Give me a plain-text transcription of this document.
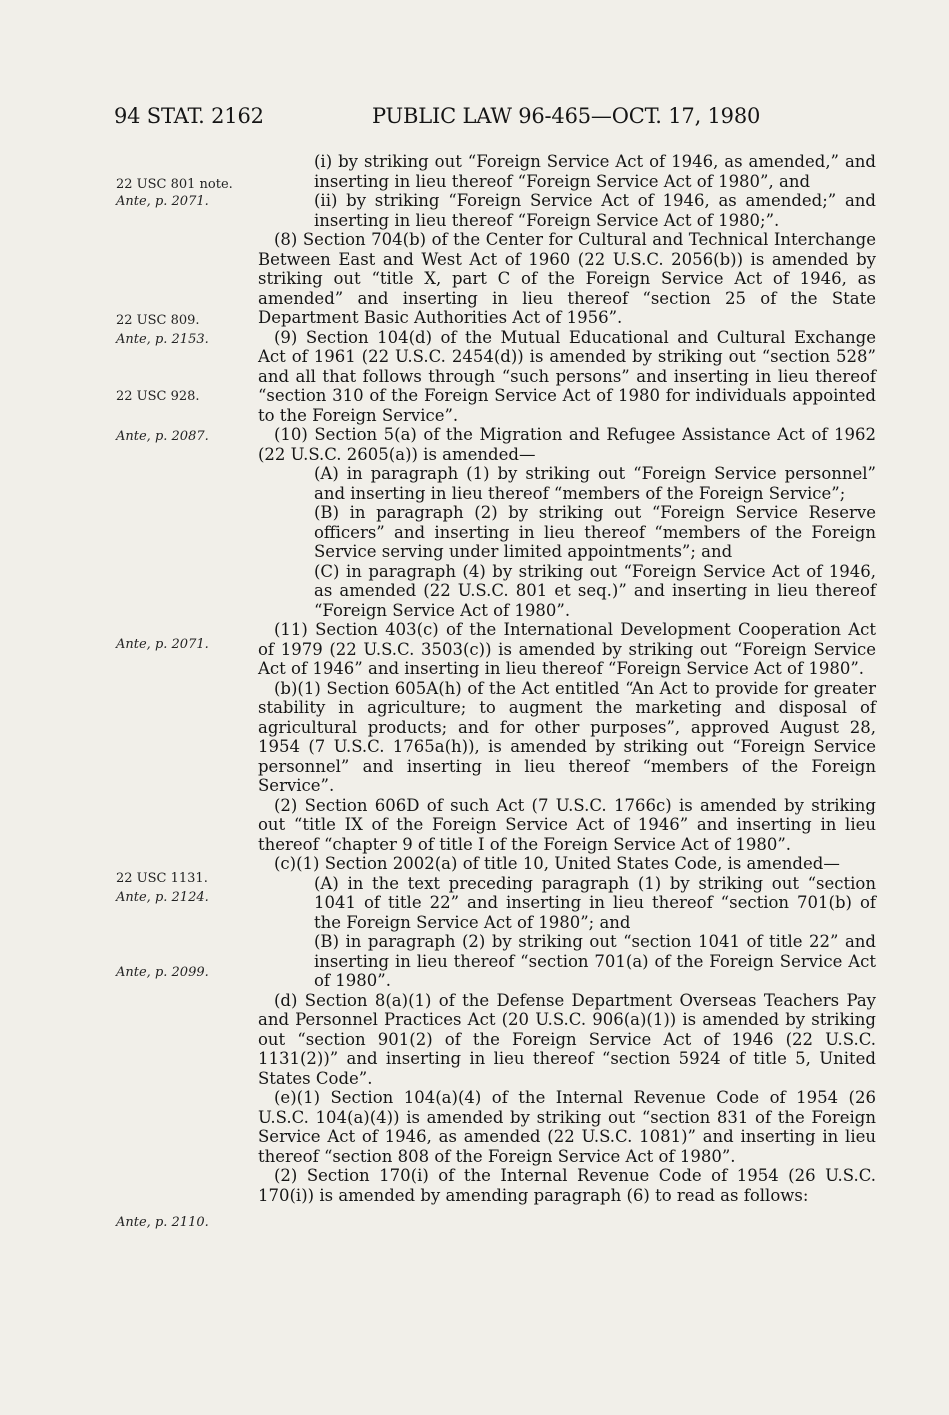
94 STAT. 2162	PUBLIC LAW 96-465—OCT. 17, 1980
22 USC 801 note.
Ante, p. 2071.
22 USC 809.
Ante, p. 2153.
22 USC 928.
Ante, p. 2087.
Ante, p. 2071.
22 USC 1131.
Ante, p. 2124.
Ante, p. 2099.
Ante, p. 2110.

(i) by striking out “Foreign Service Act of 1946, as amended,” and inserting in lieu thereof “Foreign Service Act of 1980”, and

(ii) by striking “Foreign Service Act of 1946, as amended;” and inserting in lieu thereof “Foreign Service Act of 1980;”.

(8) Section 704(b) of the Center for Cultural and Technical Interchange Between East and West Act of 1960 (22 U.S.C. 2056(b)) is amended by striking out “title X, part C of the Foreign Service Act of 1946, as amended” and inserting in lieu thereof “section 25 of the State Department Basic Authorities Act of 1956”.

(9) Section 104(d) of the Mutual Educational and Cultural Exchange Act of 1961 (22 U.S.C. 2454(d)) is amended by striking out “section 528” and all that follows through “such persons” and inserting in lieu thereof “section 310 of the Foreign Service Act of 1980 for individuals appointed to the Foreign Service”.

(10) Section 5(a) of the Migration and Refugee Assistance Act of 1962 (22 U.S.C. 2605(a)) is amended—

(A) in paragraph (1) by striking out “Foreign Service personnel” and inserting in lieu thereof “members of the Foreign Service”;

(B) in paragraph (2) by striking out “Foreign Service Reserve officers” and inserting in lieu thereof “members of the Foreign Service serving under limited appointments”; and

(C) in paragraph (4) by striking out “Foreign Service Act of 1946, as amended (22 U.S.C. 801 et seq.)” and inserting in lieu thereof “Foreign Service Act of 1980”.

(11) Section 403(c) of the International Development Cooperation Act of 1979 (22 U.S.C. 3503(c)) is amended by striking out “Foreign Service Act of 1946” and inserting in lieu thereof “Foreign Service Act of 1980”.

(b)(1) Section 605A(h) of the Act entitled “An Act to provide for greater stability in agriculture; to augment the marketing and disposal of agricultural products; and for other purposes”, approved August 28, 1954 (7 U.S.C. 1765a(h)), is amended by striking out “Foreign Service personnel” and inserting in lieu thereof “members of the Foreign Service”.

(2) Section 606D of such Act (7 U.S.C. 1766c) is amended by striking out “title IX of the Foreign Service Act of 1946” and inserting in lieu thereof “chapter 9 of title I of the Foreign Service Act of 1980”.

(c)(1) Section 2002(a) of title 10, United States Code, is amended—

(A) in the text preceding paragraph (1) by striking out “section 1041 of title 22” and inserting in lieu thereof “section 701(b) of the Foreign Service Act of 1980”; and

(B) in paragraph (2) by striking out “section 1041 of title 22” and inserting in lieu thereof “section 701(a) of the Foreign Service Act of 1980”.

(d) Section 8(a)(1) of the Defense Department Overseas Teachers Pay and Personnel Practices Act (20 U.S.C. 906(a)(1)) is amended by striking out “section 901(2) of the Foreign Service Act of 1946 (22 U.S.C. 1131(2))” and inserting in lieu thereof “section 5924 of title 5, United States Code”.

(e)(1) Section 104(a)(4) of the Internal Revenue Code of 1954 (26 U.S.C. 104(a)(4)) is amended by striking out “section 831 of the Foreign Service Act of 1946, as amended (22 U.S.C. 1081)” and inserting in lieu thereof “section 808 of the Foreign Service Act of 1980”.

(2) Section 170(i) of the Internal Revenue Code of 1954 (26 U.S.C. 170(i)) is amended by amending paragraph (6) to read as follows:
